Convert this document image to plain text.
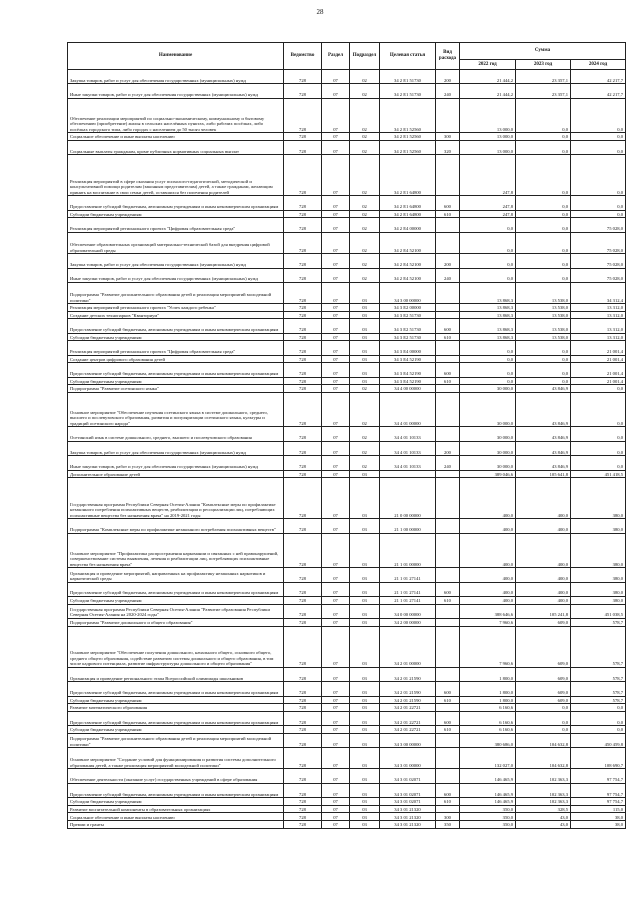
28
Наименование	Ведомство	Раздел	Подраздел	Целевая статья	Вид расхода	Сумма		
						2022 год	2023 год	2024 год
Закупка товаров, работ и услуг для обеспечения государственных (муниципальных) нужд	728	07	02	34 2 E1 51730	200	21 444,2	23 357,1	42 217,7
Иные закупки товаров, работ и услуг для обеспечения государственных (муниципальных) нужд	728	07	02	34 2 E1 51730	240	21 444,2	23 357,1	42 217,7
Обеспечение реализации мероприятий по социально-экономическому, коммунальному и бытовому обеспечению (приобретение) жилья в сельских населённых пунктах, либо рабочих посёлках, либо посёлках городского типа, либо городах с населением до 50 тысяч человек	728	07	02	34 2 E1 52560		13 000,0	0,0	0,0
Социальное обеспечение и иные выплаты населению	728	07	02	34 2 E1 52560	300	13 000,0	0,0	0,0
Социальные выплаты гражданам, кроме публичных нормативных социальных выплат	728	07	02	34 2 E1 52560	320	13 000,0	0,0	0,0
Реализация мероприятий в сфере оказания услуг психолого-педагогической, методической и консультативной помощи родителям (законным представителям) детей, а также гражданам, желающим принять на воспитание в свои семьи детей, оставшихся без попечения родителей	728	07	02	34 2 E1 64800		247,8	0,0	0,0
Предоставление субсидий бюджетным, автономным учреждениям и иным некоммерческим организациям	728	07	02	34 2 E1 64800	600	247,8	0,0	0,0
Субсидии бюджетным учреждениям	728	07	02	34 2 E1 64800	610	247,8	0,0	0,0
Реализация мероприятий регионального проекта "Цифровая образовательная среда"	728	07	02	34 2 E4 00000		0,0	0,0	75 028,0
Обеспечение образовательных организаций материально-технической базой для внедрения цифровой образовательной среды	728	07	02	34 2 E4 52100		0,0	0,0	75 028,0
Закупка товаров, работ и услуг для обеспечения государственных (муниципальных) нужд	728	07	02	34 2 E4 52100	200	0,0	0,0	75 028,0
Иные закупки товаров, работ и услуг для обеспечения государственных (муниципальных) нужд	728	07	02	34 2 E4 52100	240	0,0	0,0	75 028,0
Подпрограмма "Развитие дополнительного образования детей и реализация мероприятий молодежной политики"	728	07	03	34 3 00 00000		13 868,3	13 538,0	34 312,4
Реализация мероприятий регионального проекта "Успех каждого ребенка"	728	07	03	34 3 E2 00000		13 868,3	13 538,0	13 312,0
Создание детских технопарков "Кванториум"	728	07	03	34 3 E2 51730		13 868,3	13 538,0	13 312,0
Предоставление субсидий бюджетным, автономным учреждениям и иным некоммерческим организациям	728	07	03	34 3 E2 51730	600	13 868,3	13 538,0	13 312,0
Субсидии бюджетным учреждениям	728	07	03	34 3 E2 51730	610	13 868,3	13 538,0	13 312,0
Реализация мероприятий регионального проекта "Цифровая образовательная среда"	728	07	03	34 3 E4 00000		0,0	0,0	21 001,4
Создание центров цифрового образования детей	728	07	03	34 3 E4 52190		0,0	0,0	21 001,4
Предоставление субсидий бюджетным, автономным учреждениям и иным некоммерческим организациям	728	07	03	34 3 E4 52190	600	0,0	0,0	21 001,4
Субсидии бюджетным учреждениям	728	07	03	34 3 E4 52190	610	0,0	0,0	21 001,4
Подпрограмма "Развитие осетинского языка"	728	07	02	34 4 00 00000		30 000,0	43 846,9	0,0
Основное мероприятие "Обеспечение изучения осетинского языка в системе дошкольного, среднего, высшего и послевузовского образования, развития и популяризации осетинского языка, культуры и традиций осетинского народа"	728	07	02	34 4 01 00000		30 000,0	43 846,9	0,0
Осетинский язык в системе дошкольного, среднего, высшего и послевузовского образования	728	07	02	34 4 01 10133		30 000,0	43 846,9	0,0
Закупка товаров, работ и услуг для обеспечения государственных (муниципальных) нужд	728	07	02	34 4 01 10133	200	30 000,0	43 846,9	0,0
Иные закупки товаров, работ и услуг для обеспечения государственных (муниципальных) нужд	728	07	02	34 4 01 10133	240	30 000,0	43 846,9	0,0
Дополнительное образование детей	728	07	03			389 046,6	105 641,8	451 418,5
Государственная программа Республики Северная Осетия-Алания "Комплексные меры по профилактике незаконного потребления психоактивных веществ, реабилитации и ресоциализации лиц, потребляющих психоактивные вещества без назначения врача" на 2019-2021 годы	728	07	03	21 0 00 00000		400,0	400,0	380,0
Подпрограмма "Комплексные меры по профилактике незаконного потребления психоактивных веществ"	728	07	03	21 1 00 00000		400,0	400,0	380,0
Основное мероприятие "Профилактика распространения наркомании и связанных с ней правонарушений, совершенствование системы выявления, лечения и реабилитации лиц, потребляющих психоактивные вещества без назначения врача"	728	07	03	21 1 01 00000		400,0	400,0	380,0
Организация и проведение мероприятий, направленных на профилактику незаконных наркотиков и наркотической среды	728	07	03	21 1 01 27141		400,0	400,0	380,0
Предоставление субсидий бюджетным, автономным учреждениям и иным некоммерческим организациям	728	07	03	21 1 01 27141	600	400,0	400,0	380,0
Субсидии бюджетным учреждениям	728	07	03	21 1 01 27141	610	400,0	400,0	380,0
Государственная программа Республики Северная Осетия-Алания "Развитие образования Республики Северная Осетия-Алания на 2020-2024 годы"	728	07	03	34 0 00 00000		388 646,6	105 241,8	451 038,5
Подпрограмма "Развитие дошкольного и общего образования"	728	07	03	34 2 00 00000		7 960,6	609,0	578,7
Основное мероприятие "Обеспечение получения дошкольного, начального общего, основного общего, среднего общего образования, содействие развитию системы дошкольного и общего образования, в том числе кадрового потенциала, развитие инфраструктуры дошкольного и общего образования"	728	07	03	34 2 01 00000		7 960,6	609,0	578,7
Организация и проведение регионального этапа Всероссийской олимпиады школьников	728	07	03	34 2 01 21590		1 800,0	609,0	578,7
Предоставление субсидий бюджетным, автономным учреждениям и иным некоммерческим организациям	728	07	03	34 2 01 21590	600	1 800,0	609,0	578,7
Субсидии бюджетным учреждениям	728	07	03	34 2 01 21590	610	1 800,0	609,0	578,7
Развитие математического образования	728	07	03	34 2 01 22721		6 160,6	0,0	0,0
Предоставление субсидий бюджетным, автономным учреждениям и иным некоммерческим организациям	728	07	03	34 2 01 22721	600	6 160,6	0,0	0,0
Субсидии бюджетным учреждениям	728	07	03	34 2 01 22721	610	6 160,6	0,0	0,0
Подпрограмма "Развитие дополнительного образования детей и реализация мероприятий молодежной политики"	728	07	03	34 3 00 00000		380 686,0	104 632,8	450 459,8
Основное мероприятие "Создание условий для функционирования и развития системы дополнительного образования детей, а также реализация мероприятий молодежной политики"	728	07	03	34 3 01 00000		132 027,0	104 632,8	108 690,7
Обеспечение деятельности (оказание услуг) государственных учреждений в сфере образования	728	07	03	34 3 01 02071		146 465,9	102 363,3	97 754,7
Предоставление субсидий бюджетным, автономным учреждениям и иным некоммерческим организациям	728	07	03	34 3 01 02071	600	146 465,9	102 363,3	97 754,7
Субсидии бюджетным учреждениям	728	07	03	34 3 01 02071	610	146 465,9	102 363,3	97 754,7
Развитие воспитательной компоненты в образовательных организациях	728	07	03	34 3 01 21320		350,0	328,5	115,0
Социальное обеспечение и иные выплаты населению	728	07	03	34 3 01 21320	300	350,0	43,0	38,0
Премии и гранты	728	07	03	34 3 01 21320	350	350,0	43,0	38,0
